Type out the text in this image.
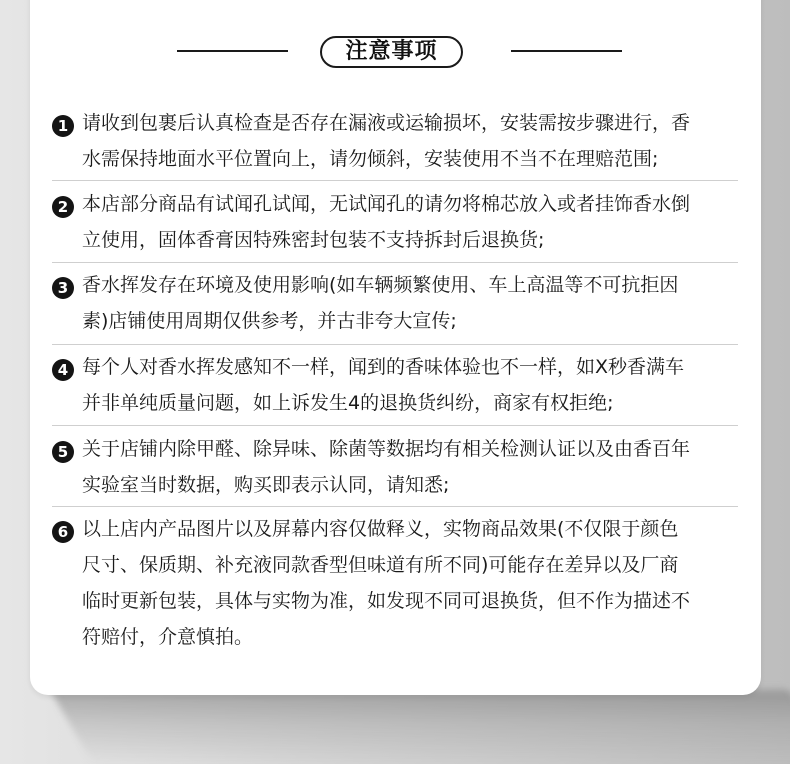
注意事项
1 请收到包裹后认真检查是否存在漏液或运输损坏，安装需按步骤进行，香
水需保持地面水平位置向上，请勿倾斜，安装使用不当不在理赔范围;
2 本店部分商品有试闻孔试闻，无试闻孔的请勿将棉芯放入或者挂饰香水倒
立使用，固体香膏因特殊密封包装不支持拆封后退换货;
3 香水挥发存在环境及使用影响(如车辆频繁使用、车上高温等不可抗拒因
素)店铺使用周期仅供参考，并古非夸大宣传;
4 每个人对香水挥发感知不一样，闻到的香味体验也不一样，如X秒香满车
并非单纯质量问题，如上诉发生4的退换货纠纷，商家有权拒绝;
5 关于店铺内除甲醛、除异味、除菌等数据均有相关检测认证以及由香百年
实验室当时数据，购买即表示认同，请知悉;
6 以上店内产品图片以及屏幕内容仅做释义，实物商品效果(不仅限于颜色
尺寸、保质期、补充液同款香型但味道有所不同)可能存在差异以及厂商
临时更新包装，具体与实物为准，如发现不同可退换货，但不作为描述不
符赔付，介意慎拍。
